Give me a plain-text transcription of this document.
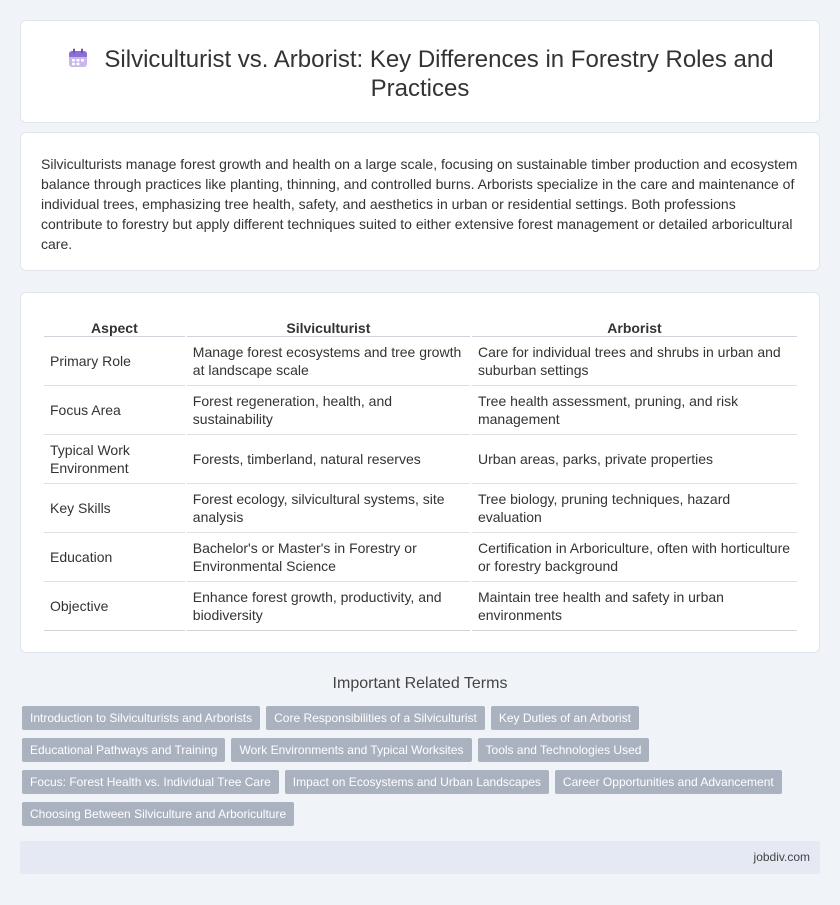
Silviculturist vs. Arborist: Key Differences in Forestry Roles and Practices

Silviculturists manage forest growth and health on a large scale, focusing on sustainable timber production and ecosystem balance through practices like planting, thinning, and controlled burns. Arborists specialize in the care and maintenance of individual trees, emphasizing tree health, safety, and aesthetics in urban or residential settings. Both professions contribute to forestry but apply different techniques suited to either extensive forest management or detailed arboricultural care.

Aspect	Silviculturist	Arborist
Primary Role	Manage forest ecosystems and tree growth at landscape scale	Care for individual trees and shrubs in urban and suburban settings
Focus Area	Forest regeneration, health, and sustainability	Tree health assessment, pruning, and risk management
Typical Work Environment	Forests, timberland, natural reserves	Urban areas, parks, private properties
Key Skills	Forest ecology, silvicultural systems, site analysis	Tree biology, pruning techniques, hazard evaluation
Education	Bachelor's or Master's in Forestry or Environmental Science	Certification in Arboriculture, often with horticulture or forestry background
Objective	Enhance forest growth, productivity, and biodiversity	Maintain tree health and safety in urban environments
Important Related Terms
Introduction to Silviculturists and Arborists	Core Responsibilities of a Silviculturist	Key Duties of an Arborist
Educational Pathways and Training	Work Environments and Typical Worksites	Tools and Technologies Used
Focus: Forest Health vs. Individual Tree Care	Impact on Ecosystems and Urban Landscapes	Career Opportunities and Advancement
Choosing Between Silviculture and Arboriculture
jobdiv.com
